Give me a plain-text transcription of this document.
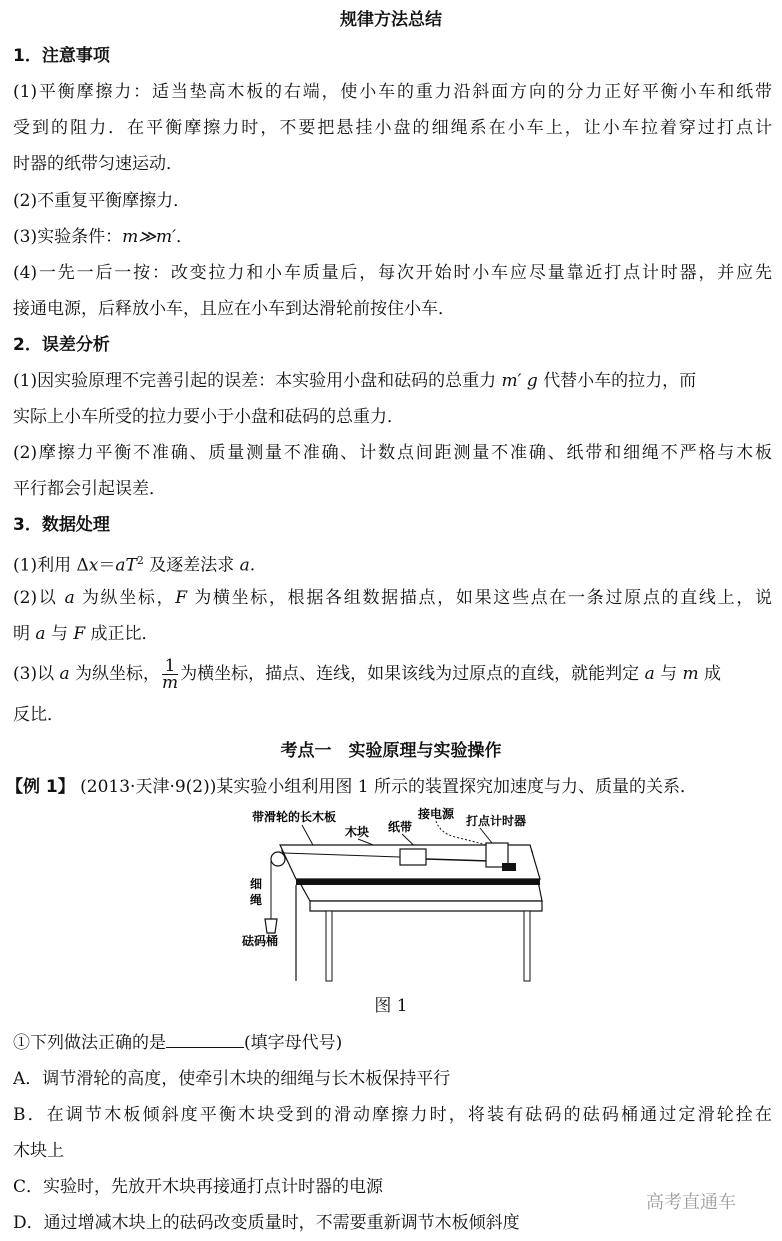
规律方法总结
1．注意事项
(1)平衡摩擦力：适当垫高木板的右端，使小车的重力沿斜面方向的分力正好平衡小车和纸带
受到的阻力．在平衡摩擦力时，不要把悬挂小盘的细绳系在小车上，让小车拉着穿过打点计
时器的纸带匀速运动．
(2)不重复平衡摩擦力．
(3)实验条件：m≫m′．
(4)一先一后一按：改变拉力和小车质量后，每次开始时小车应尽量靠近打点计时器，并应先
接通电源，后释放小车，且应在小车到达滑轮前按住小车．
2．误差分析
(1)因实验原理不完善引起的误差：本实验用小盘和砝码的总重力 m′ g 代替小车的拉力，而
实际上小车所受的拉力要小于小盘和砝码的总重力．
(2)摩擦力平衡不准确、质量测量不准确、计数点间距测量不准确、纸带和细绳不严格与木板
平行都会引起误差．
3．数据处理
(1)利用 $\Delta x=aT^2$ 及逐差法求 a.
(2)以 a 为纵坐标，F 为横坐标，根据各组数据描点，如果这些点在一条过原点的直线上，说
明 a 与 F 成正比．
(3)以 a 为纵坐标， $\frac{1}{m}$ 为横坐标，描点、连线，如果该线为过原点的直线，就能判定 a 与 m 成
反比．
考点一　实验原理与实验操作
【例 1】 (2013·天津·9(2))某实验小组利用图 1 所示的装置探究加速度与力、质量的关系．
带滑轮的长木板
木块 纸带
接电源 打点计时器
细
绳
砝码桶
图 1
①下列做法正确的是	(填字母代号)
A．调节滑轮的高度，使牵引木块的细绳与长木板保持平行
B．在调节木板倾斜度平衡木块受到的滑动摩擦力时，将装有砝码的砝码桶通过定滑轮拴在
木块上
C．实验时，先放开木块再接通打点计时器的电源
D．通过增减木块上的砝码改变质量时，不需要重新调节木板倾斜度
高考直通车
